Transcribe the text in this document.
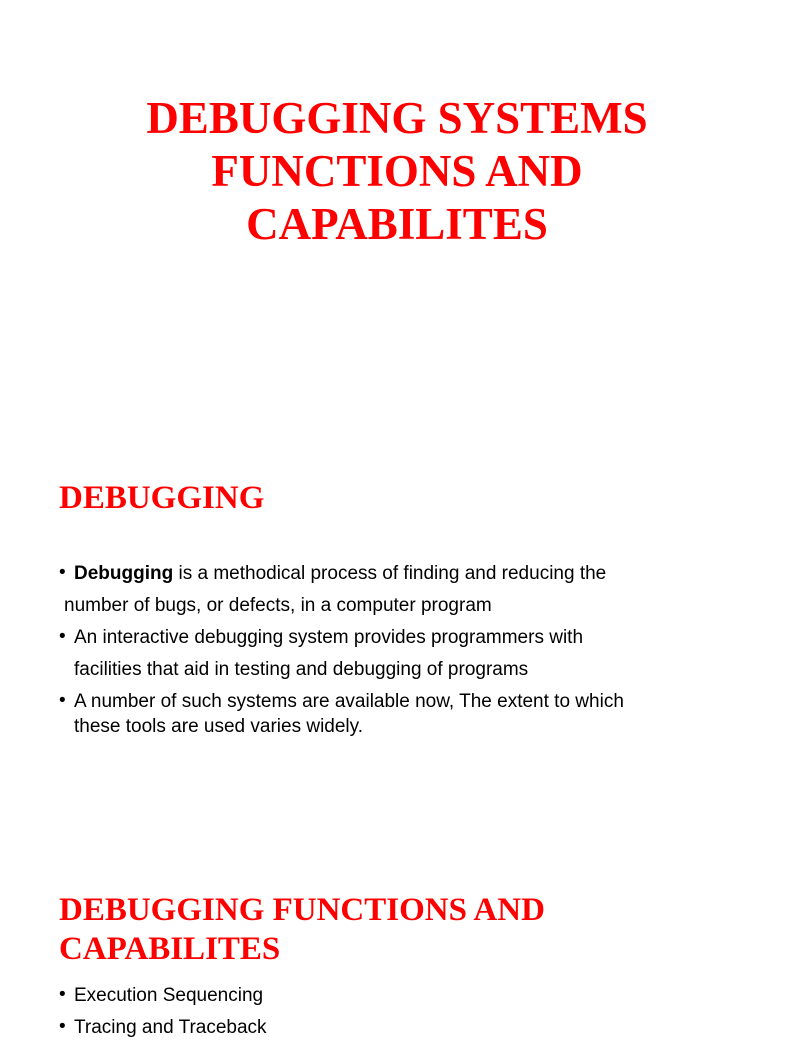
DEBUGGING SYSTEMS
FUNCTIONS AND
CAPABILITES
DEBUGGING
• Debugging is a methodical process of finding and reducing the

number of bugs, or defects, in a computer program

• An interactive debugging system provides programmers with

facilities that aid in testing and debugging of programs

• A number of such systems are available now, The extent to which

these tools are used varies widely.

DEBUGGING FUNCTIONS AND
CAPABILITES
• Execution Sequencing

• Tracing and Traceback
